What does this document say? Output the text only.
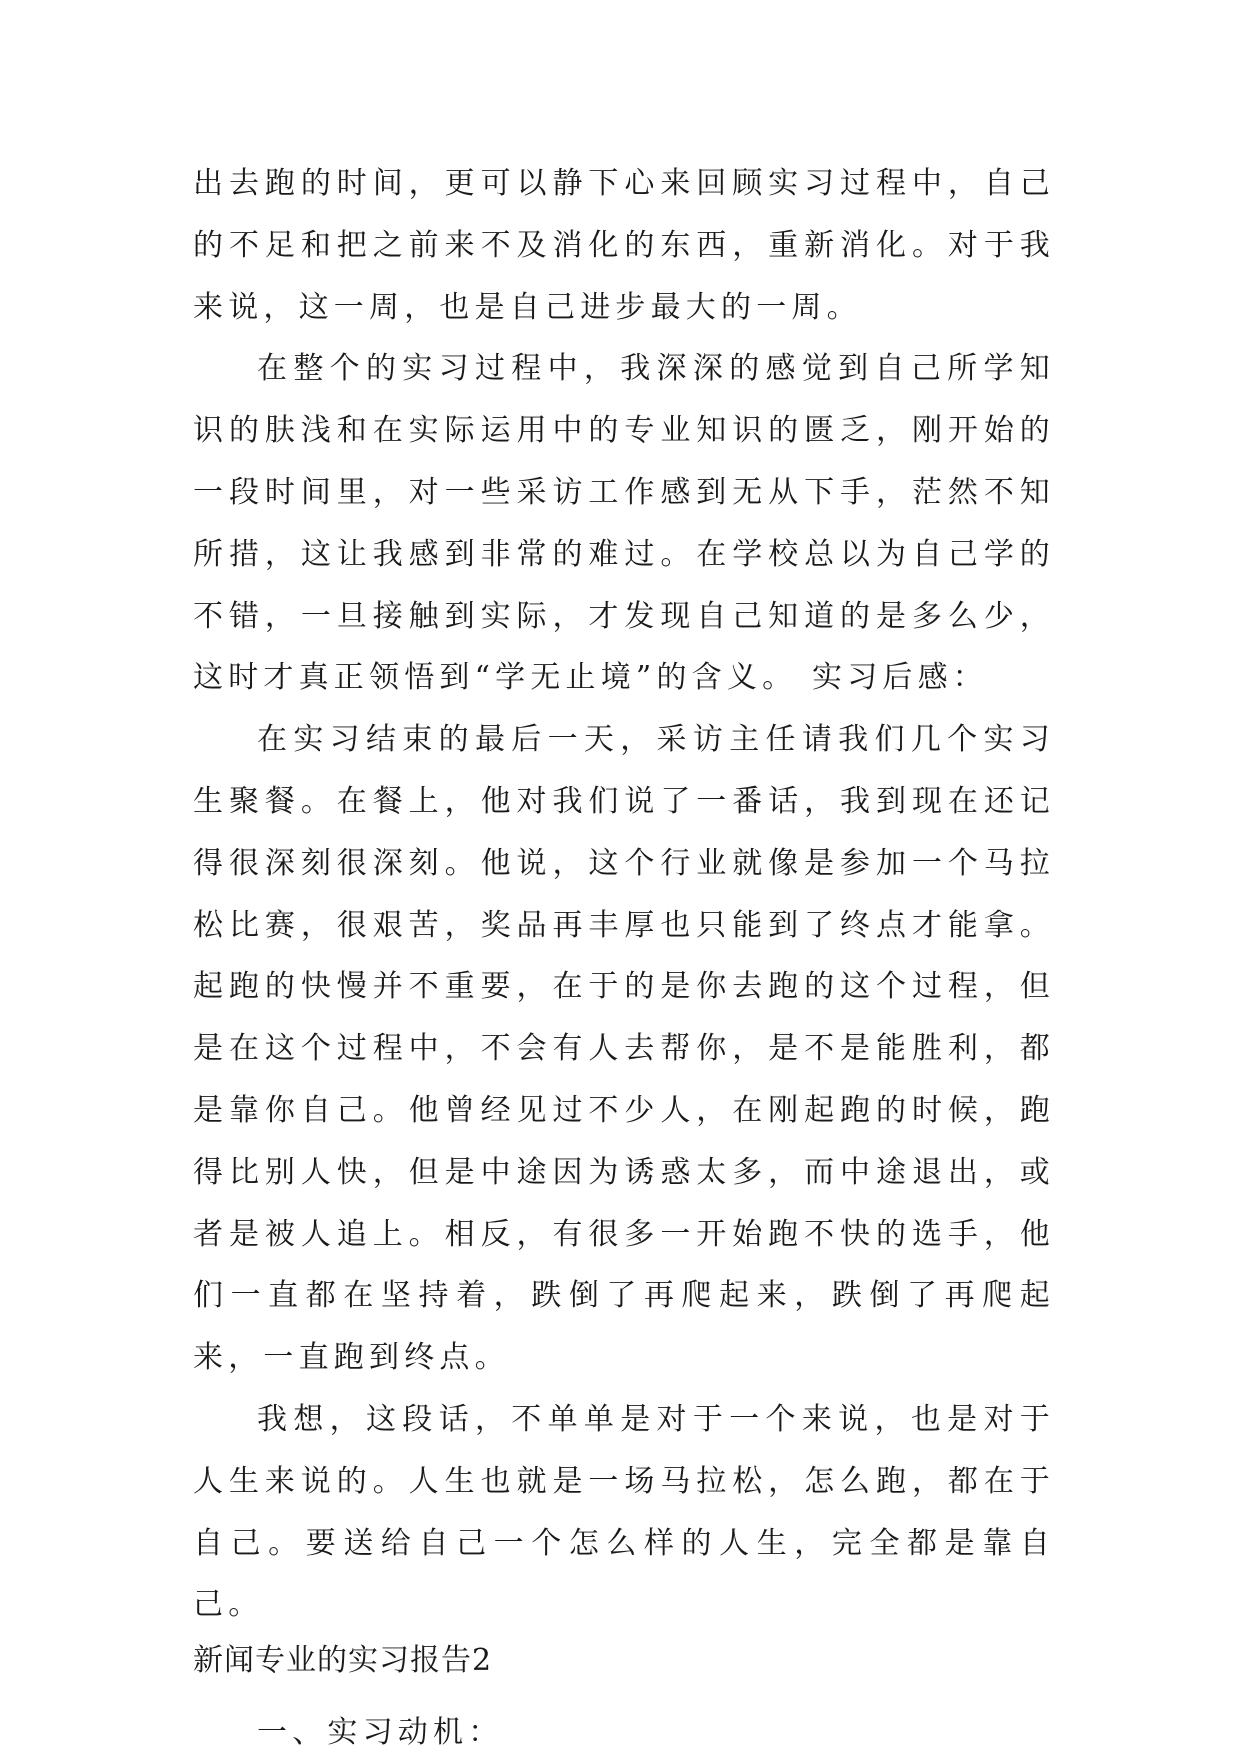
出去跑的时间，更可以静下心来回顾实习过程中，自己的不足和把之前来不及消化的东西，重新消化。对于我来说，这一周，也是自己进步最大的一周。

在整个的实习过程中，我深深的感觉到自己所学知识的肤浅和在实际运用中的专业知识的匮乏，刚开始的一段时间里，对一些采访工作感到无从下手，茫然不知所措，这让我感到非常的难过。在学校总以为自己学的不错，一旦接触到实际，才发现自己知道的是多么少，这时才真正领悟到“学无止境”的含义。 实习后感：

在实习结束的最后一天，采访主任请我们几个实习生聚餐。在餐上，他对我们说了一番话，我到现在还记得很深刻很深刻。他说，这个行业就像是参加一个马拉松比赛，很艰苦，奖品再丰厚也只能到了终点才能拿。起跑的快慢并不重要，在于的是你去跑的这个过程，但是在这个过程中，不会有人去帮你，是不是能胜利，都是靠你自己。他曾经见过不少人，在刚起跑的时候，跑得比别人快，但是中途因为诱惑太多，而中途退出，或者是被人追上。相反，有很多一开始跑不快的选手，他们一直都在坚持着，跌倒了再爬起来，跌倒了再爬起来，一直跑到终点。

我想，这段话，不单单是对于一个来说，也是对于人生来说的。人生也就是一场马拉松，怎么跑，都在于自己。要送给自己一个怎么样的人生，完全都是靠自己。

新闻专业的实习报告2

一、实习动机：
